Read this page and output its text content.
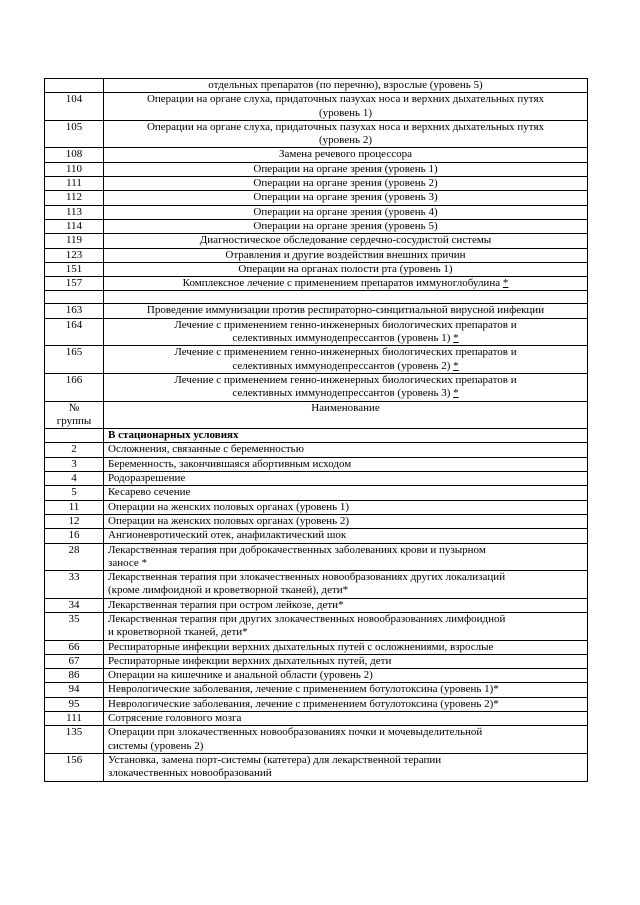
	отдельных препаратов (по перечню), взрослые (уровень 5)

104	Операции на органе слуха, придаточных пазухах носа и верхних дыхательных путях
(уровень 1)

105	Операции на органе слуха, придаточных пазухах носа и верхних дыхательных путях
(уровень 2)

108	Замена речевого процессора

110	Операции на органе зрения (уровень 1)

111	Операции на органе зрения (уровень 2)

112	Операции на органе зрения (уровень 3)

113	Операции на органе зрения (уровень 4)

114	Операции на органе зрения (уровень 5)

119	Диагностическое обследование сердечно-сосудистой системы

123	Отравления и другие воздействия внешних причин

151	Операции на органах полости рта (уровень 1)

157	Комплексное лечение с применением препаратов иммуноглобулина *

163	Проведение иммунизации против респираторно-синцитиальной вирусной инфекции

164	Лечение с применением генно-инженерных биологических препаратов и
селективных иммунодепрессантов (уровень 1) *

165	Лечение с применением генно-инженерных биологических препаратов и
селективных иммунодепрессантов (уровень 2) *

166	Лечение с применением генно-инженерных биологических препаратов и
селективных иммунодепрессантов (уровень 3) *

№
группы	Наименование
	В стационарных условиях
2	Осложнения, связанные с беременностью

3	Беременность, закончившаяся абортивным исходом

4	Родоразрешение

5	Кесарево сечение

11	Операции на женских половых органах (уровень 1)

12	Операции на женских половых органах (уровень 2)

16	Ангионевротический отек, анафилактический шок

28	Лекарственная терапия при доброкачественных заболеваниях крови и пузырном
заносе *

33	Лекарственная терапия при злокачественных новообразованиях других локализаций
(кроме лимфоидной и кроветворной тканей), дети*

34	Лекарственная терапия при остром лейкозе, дети*

35	Лекарственная терапия при других злокачественных новообразованиях лимфоидной
и кроветворной тканей, дети*

66	Респираторные инфекции верхних дыхательных путей с осложнениями, взрослые

67	Респираторные инфекции верхних дыхательных путей, дети

86	Операции на кишечнике и анальной области (уровень 2)

94	Неврологические заболевания, лечение с применением ботулотоксина (уровень 1)*

95	Неврологические заболевания, лечение с применением ботулотоксина (уровень 2)*

111	Сотрясение головного мозга

135	Операции при злокачественных новообразованиях почки и мочевыделительной
системы (уровень 2)

156	Установка, замена порт-системы (катетера) для лекарственной терапии
злокачественных новообразований
